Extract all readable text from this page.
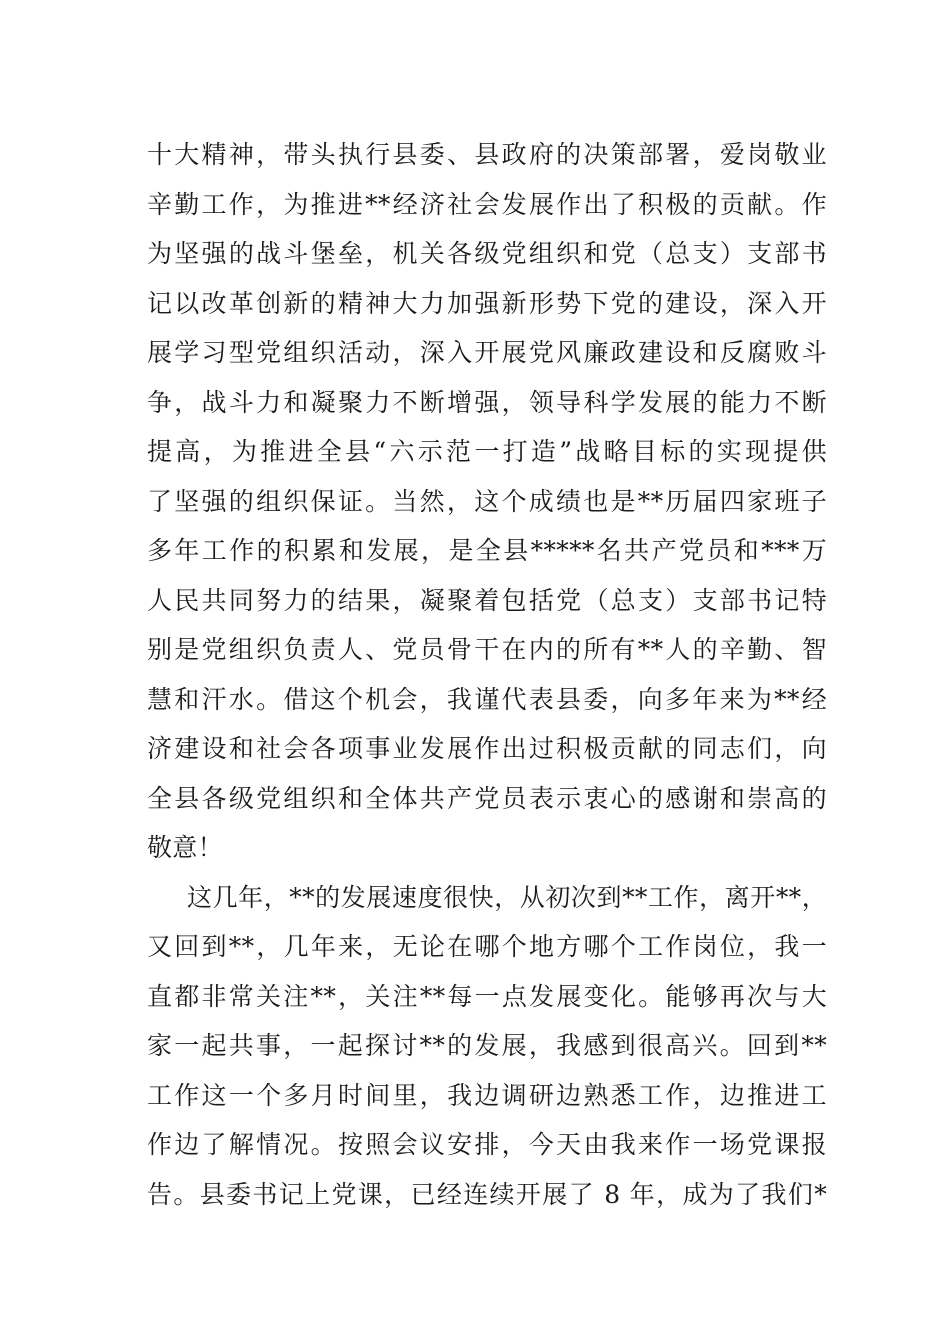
十大精神，带头执行县委、县政府的决策部署，爱岗敬业
辛勤工作，为推进**经济社会发展作出了积极的贡献。作
为坚强的战斗堡垒，机关各级党组织和党（总支）支部书
记以改革创新的精神大力加强新形势下党的建设，深入开
展学习型党组织活动，深入开展党风廉政建设和反腐败斗
争，战斗力和凝聚力不断增强，领导科学发展的能力不断
提高，为推进全县“六示范一打造”战略目标的实现提供
了坚强的组织保证。当然，这个成绩也是**历届四家班子
多年工作的积累和发展，是全县*****名共产党员和***万
人民共同努力的结果，凝聚着包括党（总支）支部书记特
别是党组织负责人、党员骨干在内的所有**人的辛勤、智
慧和汗水。借这个机会，我谨代表县委，向多年来为**经
济建设和社会各项事业发展作出过积极贡献的同志们，向
全县各级党组织和全体共产党员表示衷心的感谢和崇高的
敬意！
这几年，**的发展速度很快，从初次到**工作，离开**，
又回到**，几年来，无论在哪个地方哪个工作岗位，我一
直都非常关注**，关注**每一点发展变化。能够再次与大
家一起共事，一起探讨**的发展，我感到很高兴。回到**
工作这一个多月时间里，我边调研边熟悉工作，边推进工
作边了解情况。按照会议安排，今天由我来作一场党课报
告。县委书记上党课，已经连续开展了 8 年，成为了我们*
